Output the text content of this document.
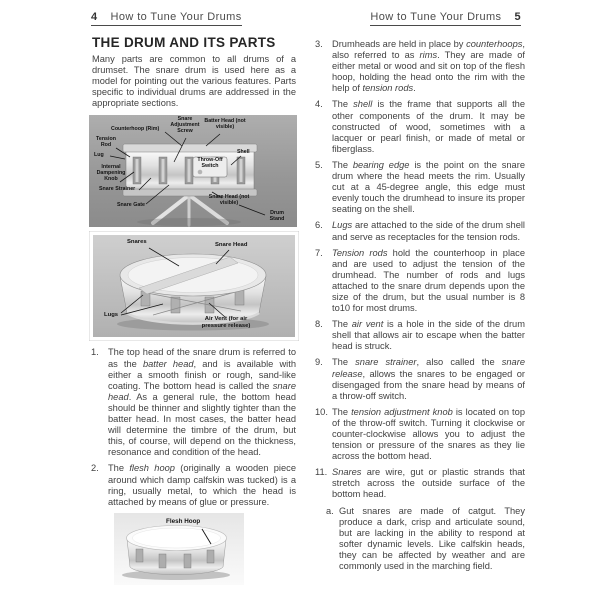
4 How to Tune Your Drums	How to Tune Your Drums 5
THE DRUM AND ITS PARTS

Many parts are common to all drums of a drumset. The snare drum is used here as a model for pointing out the various features. Parts specific to individual drums are addressed in the appropriate sections.

Snare Adjustment Screw
Batter Head (not visible)
Counterhoop (Rim)
Tension Rod
Lug
Throw-Off Switch
Shell
Internal Dampening Knob
Snare Strainer
Snare Gate
Snare Head (not visible)
Drum Stand
Snares	Snare Head
Lugs
Air Vent (for air pressure release)
1. The top head of the snare drum is referred to as the batter head, and is available with either a smooth finish or rough, sand-like coating. The bottom head is called the snare head. As a general rule, the bottom head should be thinner and slightly tighter than the batter head. In most cases, the batter head will determine the timbre of the drum, but this, of course, will depend on the thickness, resonance and condition of the head.

2. The flesh hoop (originally a wooden piece around which damp calfskin was tucked) is a ring, usually metal, to which the head is attached by means of glue or pressure.

Flesh Hoop
3. Drumheads are held in place by counterhoops, also referred to as rims. They are made of either metal or wood and sit on top of the flesh hoop, holding the head onto the rim with the help of tension rods.

4. The shell is the frame that supports all the other components of the drum. It may be constructed of wood, sometimes with a lacquer or pearl finish, or made of metal or fiberglass.

5. The bearing edge is the point on the snare drum where the head meets the rim. Usually cut at a 45-degree angle, this edge must evenly touch the drumhead to insure its proper seating on the shell.

6. Lugs are attached to the side of the drum shell and serve as receptacles for the tension rods.

7. Tension rods hold the counterhoop in place and are used to adjust the tension of the drumhead. The number of rods and lugs attached to the snare drum depends upon the size of the drum, but the usual number is 8 to10 for most drums.

8. The air vent is a hole in the side of the drum shell that allows air to escape when the batter head is struck.

9. The snare strainer, also called the snare release, allows the snares to be engaged or disengaged from the snare head by means of a throw-off switch.

10. The tension adjustment knob is located on top of the throw-off switch. Turning it clockwise or counter-clockwise allows you to adjust the tension or pressure of the snares as they lie across the bottom head.

11. Snares are wire, gut or plastic strands that stretch across the outside surface of the bottom head.

a. Gut snares are made of catgut. They produce a dark, crisp and articulate sound, but are lacking in the ability to respond at softer dynamic levels. Like calfskin heads, they can be affected by weather and are commonly used in the marching field.
